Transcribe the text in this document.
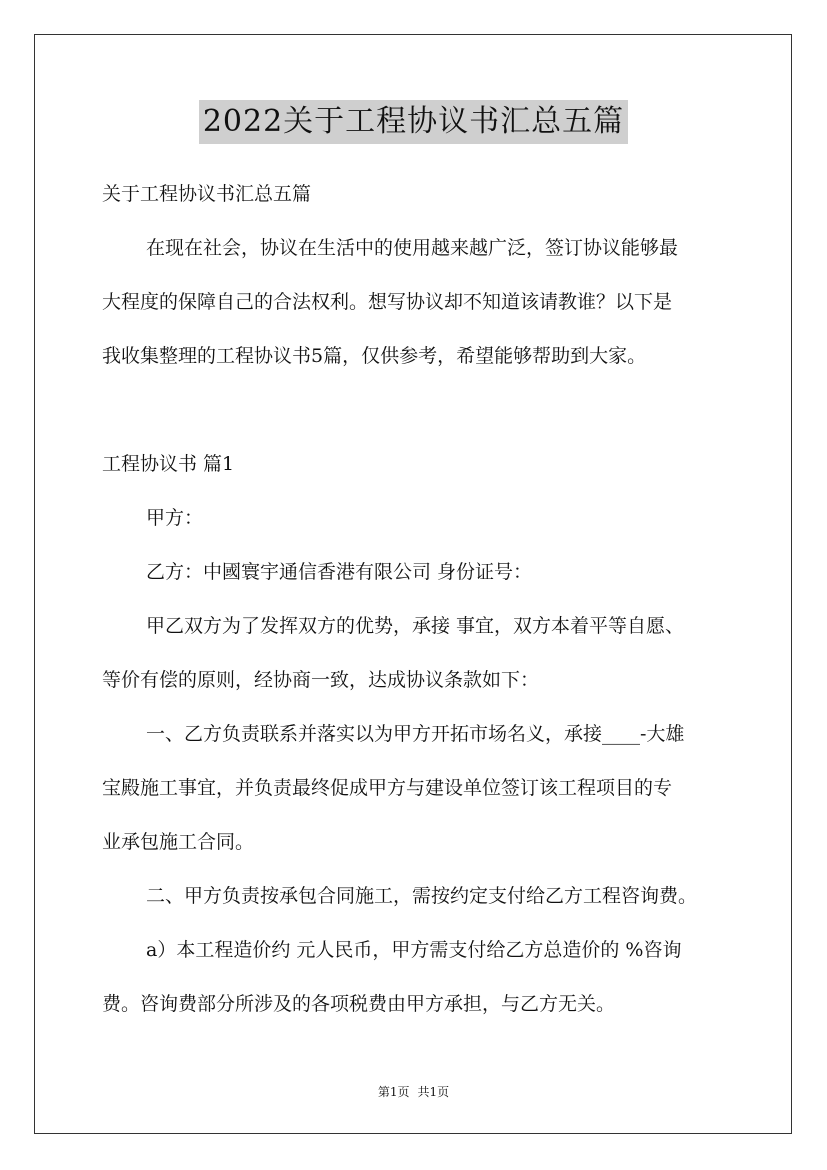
2022关于工程协议书汇总五篇
关于工程协议书汇总五篇
在现在社会，协议在生活中的使用越来越广泛，签订协议能够最
大程度的保障自己的合法权利。想写协议却不知道该请教谁？以下是
我收集整理的工程协议书5篇，仅供参考，希望能够帮助到大家。
工程协议书 篇1
甲方：
乙方：中國寰宇通信香港有限公司 身份证号：
甲乙双方为了发挥双方的优势，承接 事宜，双方本着平等自愿、
等价有偿的原则，经协商一致，达成协议条款如下：
一、乙方负责联系并落实以为甲方开拓市场名义，承接____-大雄
宝殿施工事宜，并负责最终促成甲方与建设单位签订该工程项目的专
业承包施工合同。
二、甲方负责按承包合同施工，需按约定支付给乙方工程咨询费。
a）本工程造价约 元人民币，甲方需支付给乙方总造价的 %咨询
费。咨询费部分所涉及的各项税费由甲方承担，与乙方无关。
第1页 共1页
